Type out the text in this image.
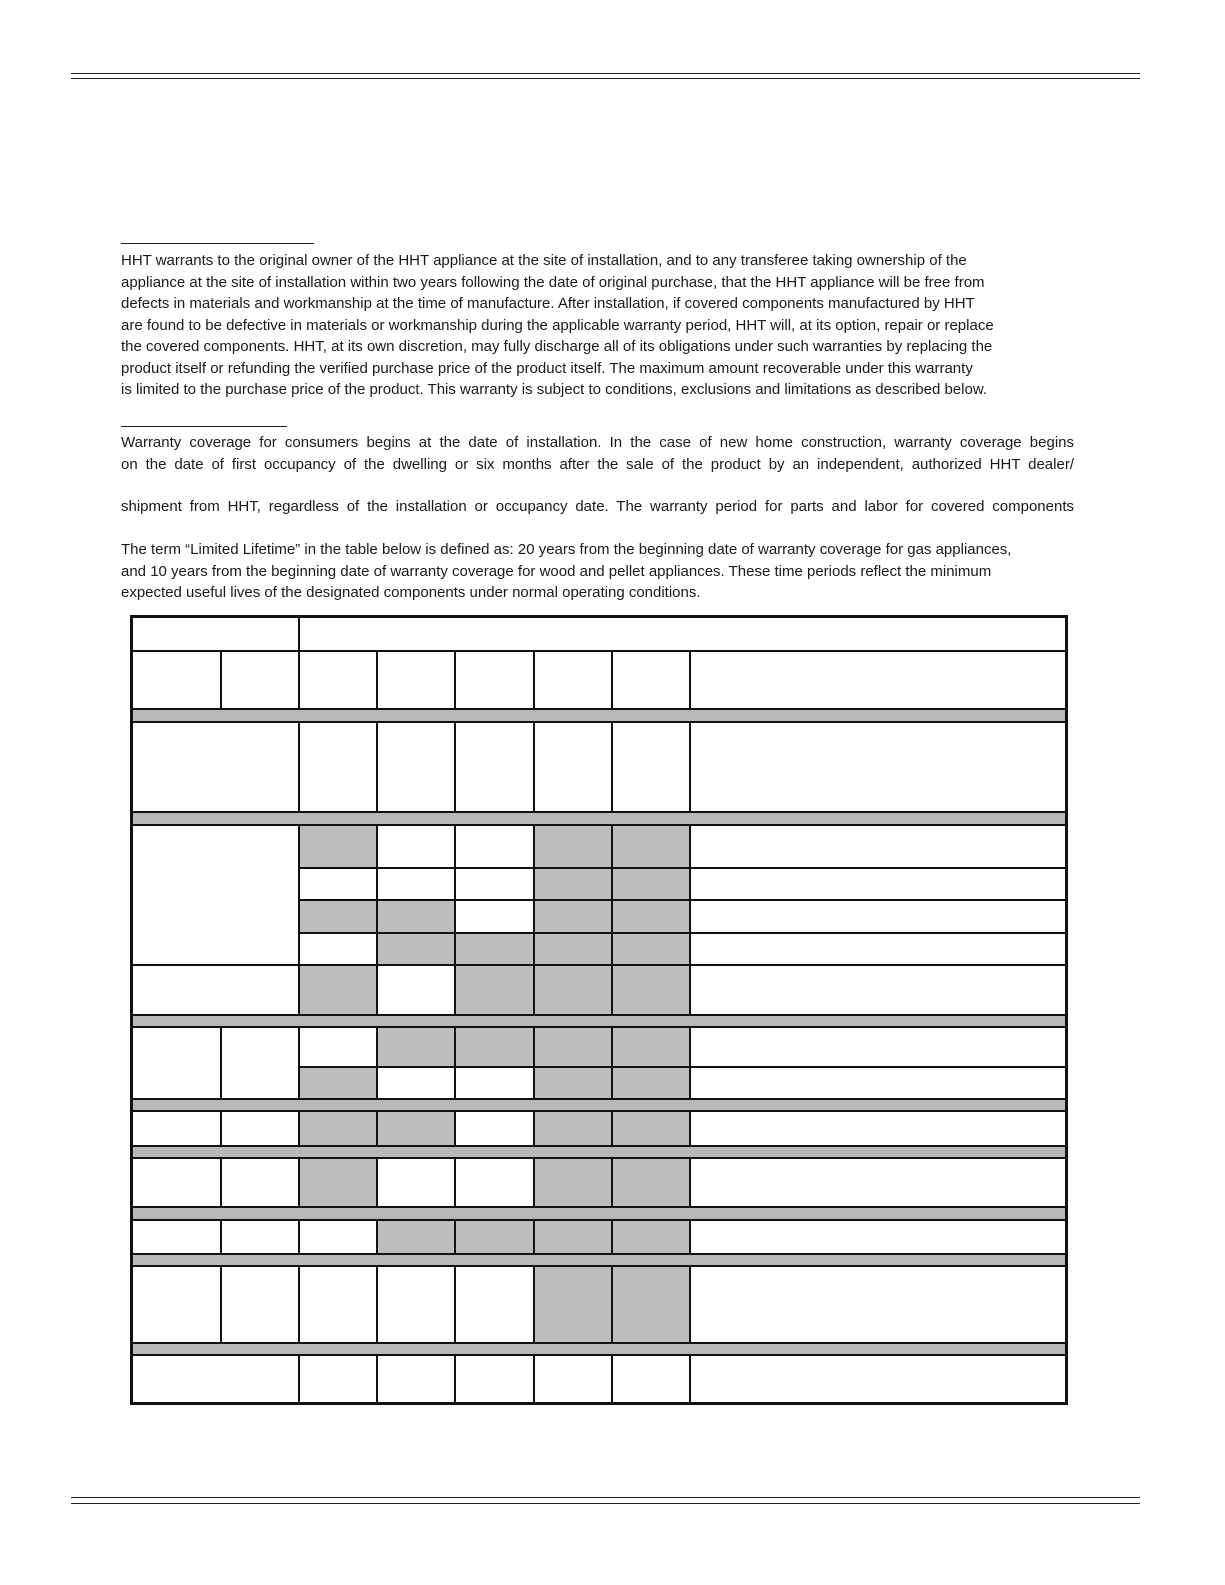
HHT warrants to the original owner of the HHT appliance at the site of installation, and to any transferee taking ownership of the
appliance at the site of installation within two years following the date of original purchase, that the HHT appliance will be free from
defects in materials and workmanship at the time of manufacture. After installation, if covered components manufactured by HHT
are found to be defective in materials or workmanship during the applicable warranty period, HHT will, at its option, repair or replace
the covered components. HHT, at its own discretion, may fully discharge all of its obligations under such warranties by replacing the
product itself or refunding the verified purchase price of the product itself. The maximum amount recoverable under this warranty
is limited to the purchase price of the product. This warranty is subject to conditions, exclusions and limitations as described below.

Warranty coverage for consumers begins at the date of installation. In the case of new home construction, warranty coverage begins
on the date of first occupancy of the dwelling or six months after the sale of the product by an independent, authorized HHT dealer/

shipment from HHT, regardless of the installation or occupancy date. The warranty period for parts and labor for covered components

The term “Limited Lifetime” in the table below is defined as: 20 years from the beginning date of warranty coverage for gas appliances,
and 10 years from the beginning date of warranty coverage for wood and pellet appliances. These time periods reflect the minimum
expected useful lives of the designated components under normal operating conditions.
